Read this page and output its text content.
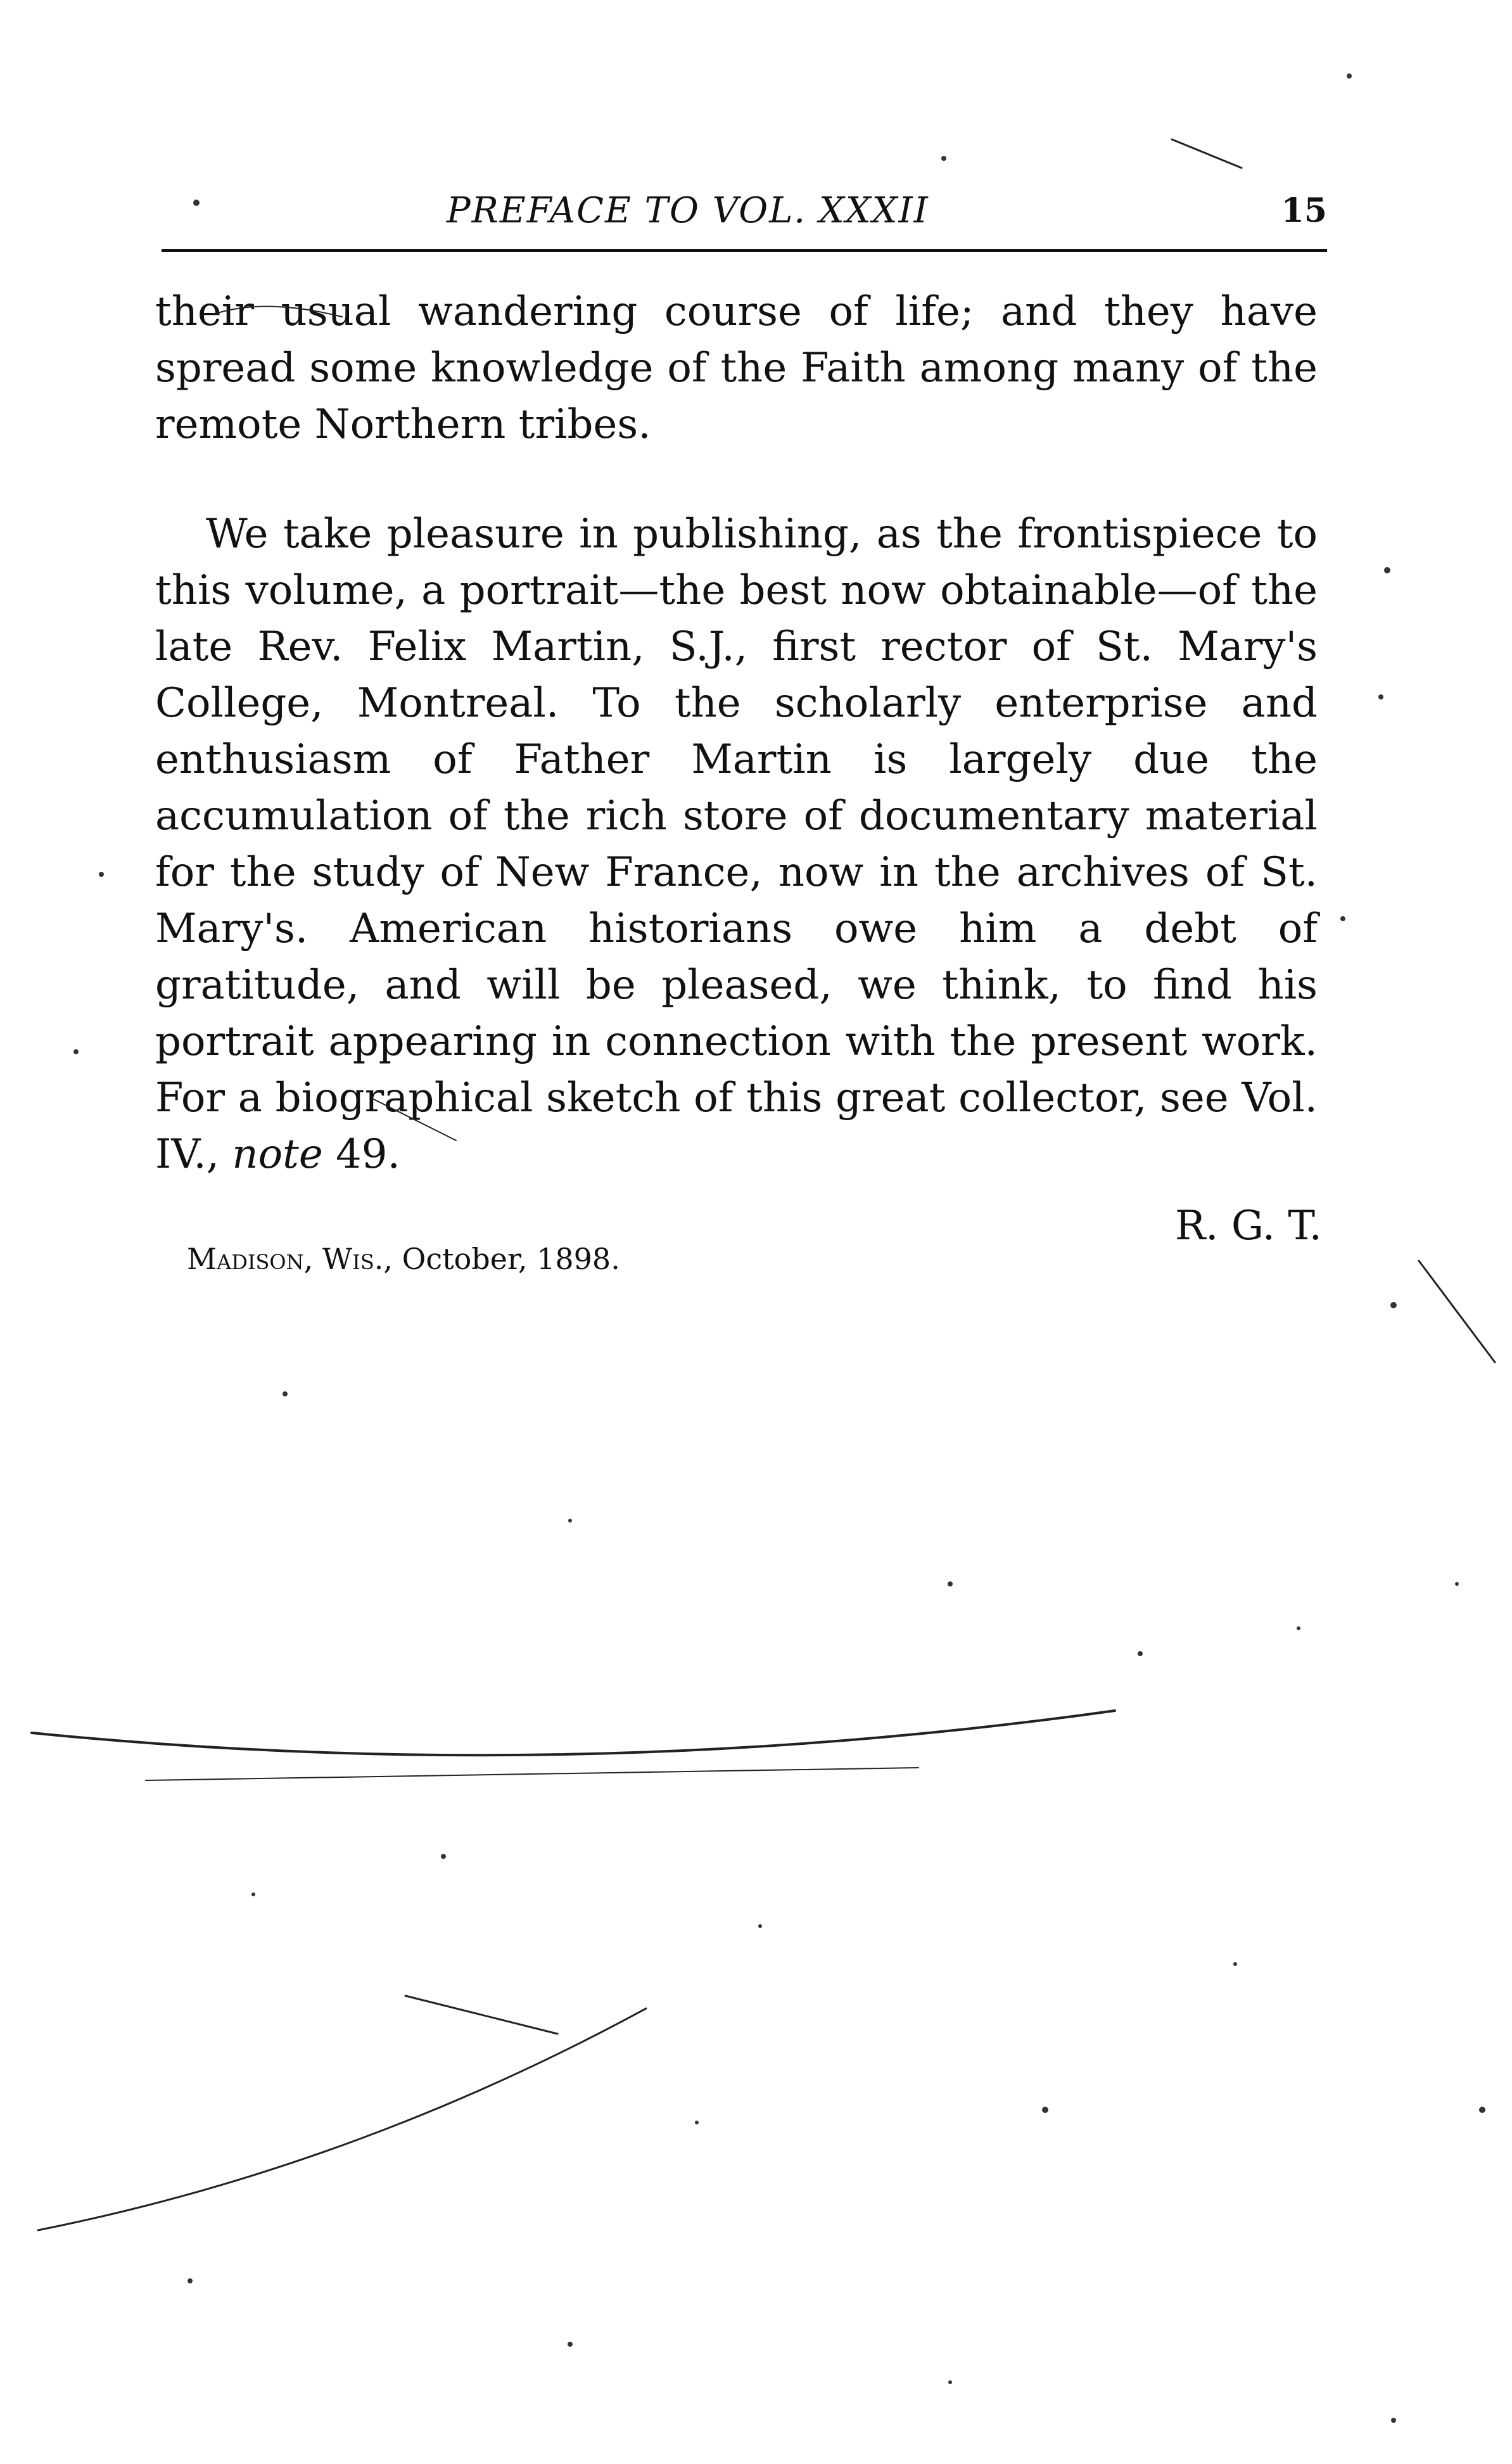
PREFACE TO VOL. XXXII	15

their usual wandering course of life; and they have spread some knowledge of the Faith among many of the remote Northern tribes.

We take pleasure in publishing, as the frontispiece to this volume, a portrait—the best now obtainable—of the late Rev. Felix Martin, S.J., first rector of St. Mary's College, Montreal. To the scholarly enterprise and enthusiasm of Father Martin is largely due the accumulation of the rich store of documentary material for the study of New France, now in the archives of St. Mary's. American historians owe him a debt of gratitude, and will be pleased, we think, to find his portrait appearing in connection with the present work. For a biographical sketch of this great collector, see Vol. IV., note 49.

R. G. T.
Madison, Wis., October, 1898.
